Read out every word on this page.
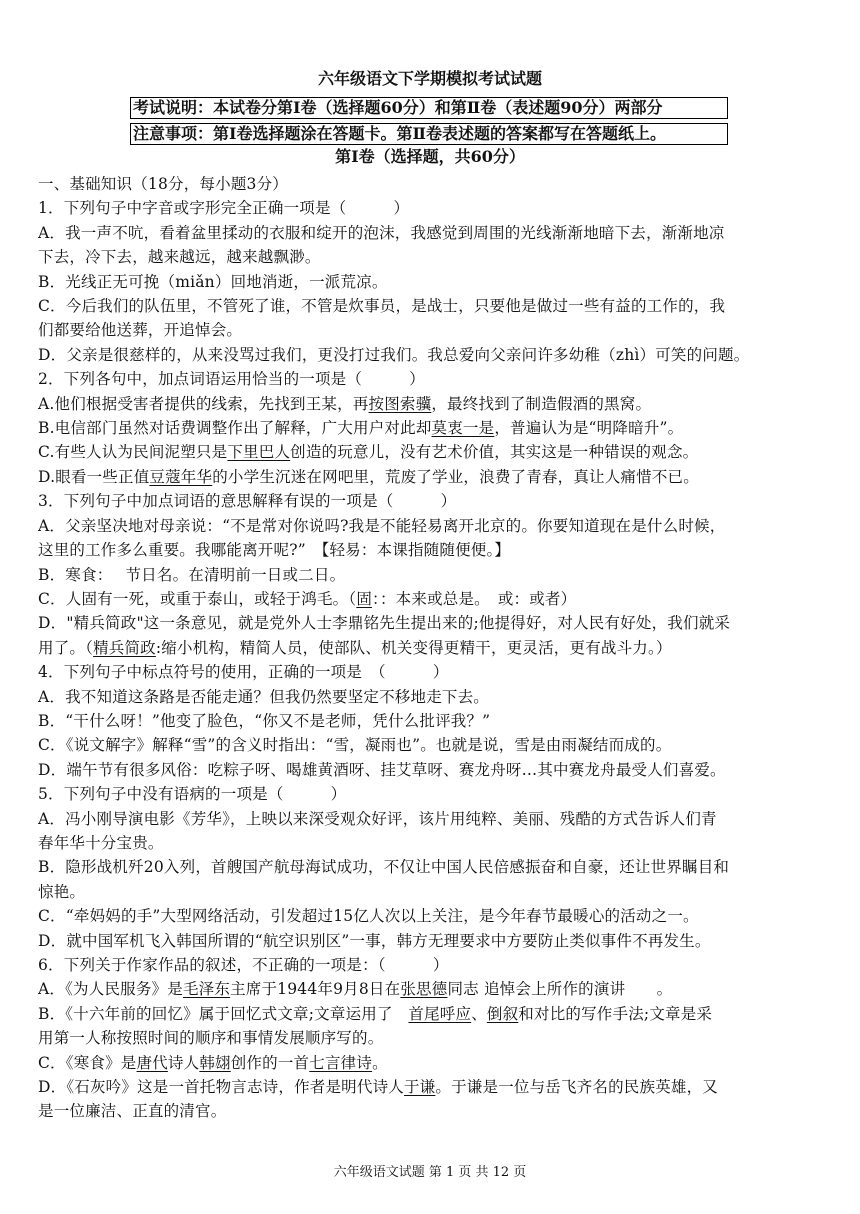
六年级语文下学期模拟考试试题
考试说明：本试卷分第Ⅰ卷（选择题60分）和第Ⅱ卷（表述题90分）两部分
注意事项：第Ⅰ卷选择题涂在答题卡。第Ⅱ卷表述题的答案都写在答题纸上。
第Ⅰ卷（选择题，共60分）
一、基础知识（18分，每小题3分）
1．下列句子中字音或字形完全正确一项是（　　　）
A．我一声不吭，看着盆里揉动的衣服和绽开的泡沫，我感觉到周围的光线渐渐地暗下去，渐渐地凉
下去，冷下去，越来越远，越来越飘渺。
B．光线正无可挽（miǎn）回地消逝，一派荒凉。
C．今后我们的队伍里，不管死了谁，不管是炊事员，是战士，只要他是做过一些有益的工作的，我
们都要给他送葬，开追悼会。
D．父亲是很慈样的，从来没骂过我们，更没打过我们。我总爱向父亲问许多幼稚（zhì）可笑的问题。
2．下列各句中，加点词语运用恰当的一项是（　　　）
A.他们根据受害者提供的线索，先找到王某，再按图索骥，最终找到了制造假酒的黑窝。
B.电信部门虽然对话费调整作出了解释，广大用户对此却莫衷一是，普遍认为是“明降暗升”。
C.有些人认为民间泥塑只是下里巴人创造的玩意儿，没有艺术价值，其实这是一种错误的观念。
D.眼看一些正值豆蔻年华的小学生沉迷在网吧里，荒废了学业，浪费了青春，真让人痛惜不已。
3．下列句子中加点词语的意思解释有误的一项是（　　　）
A．父亲坚决地对母亲说：“不是常对你说吗?我是不能轻易离开北京的。你要知道现在是什么时候，
这里的工作多么重要。我哪能离开呢?”　【轻易：本课指随随便便。】
B．寒食：　 节日名。在清明前一日或二日。
C．人固有一死，或重于泰山，或轻于鸿毛。（固：：本来或总是。　或：或者）
D．"精兵简政"这一条意见，就是党外人士李鼎铭先生提出来的;他提得好，对人民有好处，我们就采
用了。（精兵简政:缩小机构，精简人员，使部队、机关变得更精干，更灵活，更有战斗力。）
4．下列句子中标点符号的使用，正确的一项是　（　　　）
A．我不知道这条路是否能走通？但我仍然要坚定不移地走下去。
B．“干什么呀！”他变了脸色，“你又不是老师，凭什么批评我？”
C．《说文解字》解释“雪”的含义时指出：“雪，凝雨也”。也就是说，雪是由雨凝结而成的。
D．端午节有很多风俗：吃粽子呀、喝雄黄酒呀、挂艾草呀、赛龙舟呀…其中赛龙舟最受人们喜爱。
5．下列句子中没有语病的一项是（　　　）
A．冯小刚导演电影《芳华》，上映以来深受观众好评，该片用纯粹、美丽、残酷的方式告诉人们青
春年华十分宝贵。
B．隐形战机歼20入列，首艘国产航母海试成功，不仅让中国人民倍感振奋和自豪，还让世界瞩目和
惊艳。
C．“牵妈妈的手”大型网络活动，引发超过15亿人次以上关注，是今年春节最暖心的活动之一。
D．就中国军机飞入韩国所谓的“航空识别区”一事，韩方无理要求中方要防止类似事件不再发生。
6．下列关于作家作品的叙述，不正确的一项是：（　　　）
A．《为人民服务》是毛泽东主席于1944年9月8日在张思德同志 追悼会上所作的演讲　　。
B．《十六年前的回忆》属于回忆式文章;文章运用了　首尾呼应、倒叙和对比的写作手法;文章是采
用第一人称按照时间的顺序和事情发展顺序写的。
C．《寒食》是唐代诗人韩翃创作的一首七言律诗。
D．《石灰吟》这是一首托物言志诗，作者是明代诗人于谦。于谦是一位与岳飞齐名的民族英雄，又
是一位廉洁、正直的清官。
六年级语文试题 第 1 页 共 12 页
